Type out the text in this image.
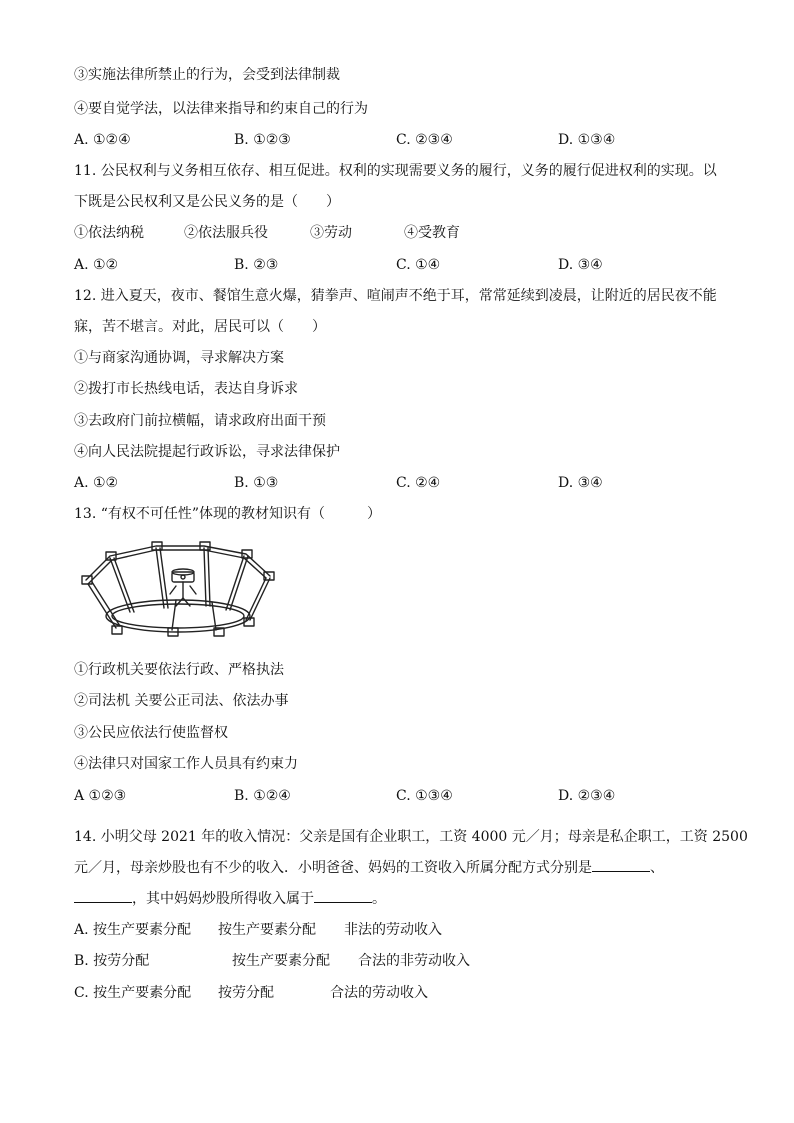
③实施法律所禁止的行为，会受到法律制裁
④要自觉学法，以法律来指导和约束自己的行为
A. ①②④	B. ①②③	C. ②③④	D. ①③④
11. 公民权利与义务相互依存、相互促进。权利的实现需要义务的履行，义务的履行促进权利的实现。以
下既是公民权利又是公民义务的是（　　）
①依法纳税	②依法服兵役	③劳动	④受教育
A. ①②	B. ②③	C. ①④	D. ③④
12. 进入夏天，夜市、餐馆生意火爆，猜拳声、喧闹声不绝于耳，常常延续到凌晨，让附近的居民夜不能
寐，苦不堪言。对此，居民可以（　　）
①与商家沟通协调，寻求解决方案
②拨打市长热线电话，表达自身诉求
③去政府门前拉横幅，请求政府出面干预
④向人民法院提起行政诉讼，寻求法律保护
A. ①②	B. ①③	C. ②④	D. ③④
13. “有权不可任性”体现的教材知识有（　　　）
①行政机关要依法行政、严格执法
②司法机 关要公正司法、依法办事
③公民应依法行使监督权
④法律只对国家工作人员具有约束力
A ①②③	B. ①②④	C. ①③④	D. ②③④
14. 小明父母 2021 年的收入情况：父亲是国有企业职工，工资 4000 元／月；母亲是私企职工，工资 2500
元／月，母亲炒股也有不少的收入．小明爸爸、妈妈的工资收入所属分配方式分别是	、
，其中妈妈炒股所得收入属于	。
A. 按生产要素分配 按生产要素分配 非法的劳动收入
B. 按劳分配	按生产要素分配 合法的非劳动收入
C. 按生产要素分配 按劳分配	合法的劳动收入
